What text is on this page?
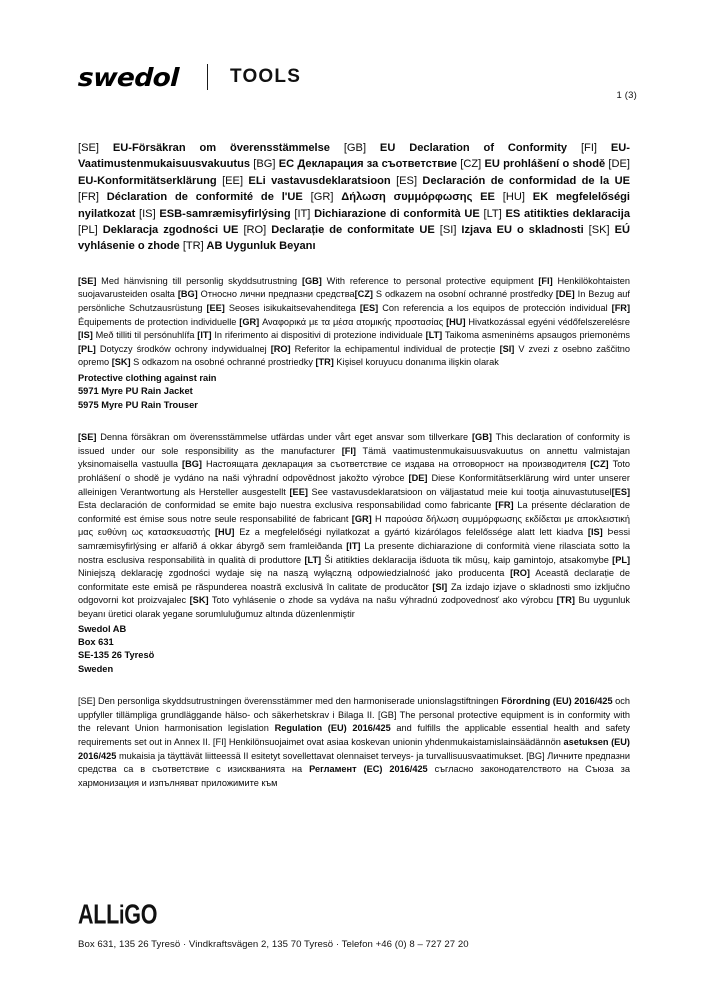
swedol	TOOLS
1 (3)
[SE] EU-Försäkran om överensstämmelse [GB] EU Declaration of Conformity [FI] EU-Vaatimustenmukaisuusvakuutus [BG] ЕС Декларация за съответствие [CZ] EU prohlášení o shodě [DE] EU-Konformitätserklärung [EE] ELi vastavusdeklaratsioon [ES] Declaración de conformidad de la UE [FR] Déclaration de conformité de l'UE [GR] Δήλωση συμμόρφωσης ΕΕ [HU] EK megfelelőségi nyilatkozat [IS] ESB-samræmisyfirlýsing [IT] Dichiarazione di conformità UE [LT] ES atitikties deklaracija [PL] Deklaracja zgodności UE [RO] Declarație de conformitate UE [SI] Izjava EU o skladnosti [SK] EÚ vyhlásenie o zhode [TR] AB Uygunluk Beyanı
[SE] Med hänvisning till personlig skyddsutrustning [GB] With reference to personal protective equipment [FI] Henkilökohtaisten suojavarusteiden osalta [BG] Относно лични предпазни средства[CZ] S odkazem na osobní ochranné prostředky [DE] In Bezug auf persönliche Schutzausrüstung [EE] Seoses isikukaitsevahenditega [ES] Con referencia a los equipos de protección individual [FR] Équipements de protection individuelle [GR] Αναφορικά με τα μέσα ατομικής προστασίας [HU] Hivatkozással egyéni védőfelszerelésre [IS] Með tilliti til persónuhlífa [IT] In riferimento ai dispositivi di protezione individuale [LT] Taikoma asmeninėms apsaugos priemonėms [PL] Dotyczy środków ochrony indywidualnej [RO] Referitor la echipamentul individual de protecție [SI] V zvezi z osebno zaščitno opremo [SK] S odkazom na osobné ochranné prostriedky [TR] Kişisel koruyucu donanıma ilişkin olarak
Protective clothing against rain
5971 Myre PU Rain Jacket
5975 Myre PU Rain Trouser
[SE] Denna försäkran om överensstämmelse utfärdas under vårt eget ansvar som tillverkare [GB] This declaration of conformity is issued under our sole responsibility as the manufacturer [FI] Tämä vaatimustenmukaisuusvakuutus on annettu valmistajan yksinomaisella vastuulla [BG] Настоящата декларация за съответствие се издава на отговорност на производителя [CZ] Toto prohlášení o shodě je vydáno na naši výhradní odpovědnost jakožto výrobce [DE] Diese Konformitätserklärung wird unter unserer alleinigen Verantwortung als Hersteller ausgestellt [EE] See vastavusdeklaratsioon on väljastatud meie kui tootja ainuvastutusel[ES] Esta declaración de conformidad se emite bajo nuestra exclusiva responsabilidad como fabricante [FR] La présente déclaration de conformité est émise sous notre seule responsabilité de fabricant [GR] Η παρούσα δήλωση συμμόρφωσης εκδίδεται με αποκλειστική μας ευθύνη ως κατασκευαστής [HU] Ez a megfelelőségi nyilatkozat a gyártó kizárólagos felelőssége alatt lett kiadva [IS] Þessi samræmisyfirlýsing er alfarið á okkar ábyrgð sem framleiðanda [IT] La presente dichiarazione di conformità viene rilasciata sotto la nostra esclusiva responsabilità in qualità di produttore [LT] Ši atitikties deklaracija išduota tik mūsų, kaip gamintojo, atsakomybe [PL] Niniejszą deklarację zgodności wydaje się na naszą wyłączną odpowiedzialność jako producenta [RO] Această declarație de conformitate este emisă pe răspunderea noastră exclusivă în calitate de producător [SI] Za izdajo izjave o skladnosti smo izključno odgovorni kot proizvajalec [SK] Toto vyhlásenie o zhode sa vydáva na našu výhradnú zodpovednosť ako výrobcu [TR] Bu uygunluk beyanı üretici olarak yegane sorumluluğumuz altında düzenlenmiştir
Swedol AB
Box 631
SE-135 26 Tyresö
Sweden
[SE] Den personliga skyddsutrustningen överensstämmer med den harmoniserade unionslagstiftningen Förordning (EU) 2016/425 och uppfyller tillämpliga grundläggande hälso- och säkerhetskrav i Bilaga II. [GB] The personal protective equipment is in conformity with the relevant Union harmonisation legislation Regulation (EU) 2016/425 and fulfills the applicable essential health and safety requirements set out in Annex II. [FI] Henkilönsuojaimet ovat asiaa koskevan unionin yhdenmukaistamislainsäädännön asetuksen (EU) 2016/425 mukaisia ja täyttävät liitteessä II esitetyt sovellettavat olennaiset terveys- ja turvallisuusvaatimukset. [BG] Личните предпазни средства са в съответствие с изискванията на Регламент (ЕС) 2016/425 съгласно законодателството на Съюза за хармонизация и изпълняват приложимите към
ALLiGO
Box 631, 135 26 Tyresö · Vindkraftsvägen 2, 135 70 Tyresö · Telefon +46 (0) 8 – 727 27 20
